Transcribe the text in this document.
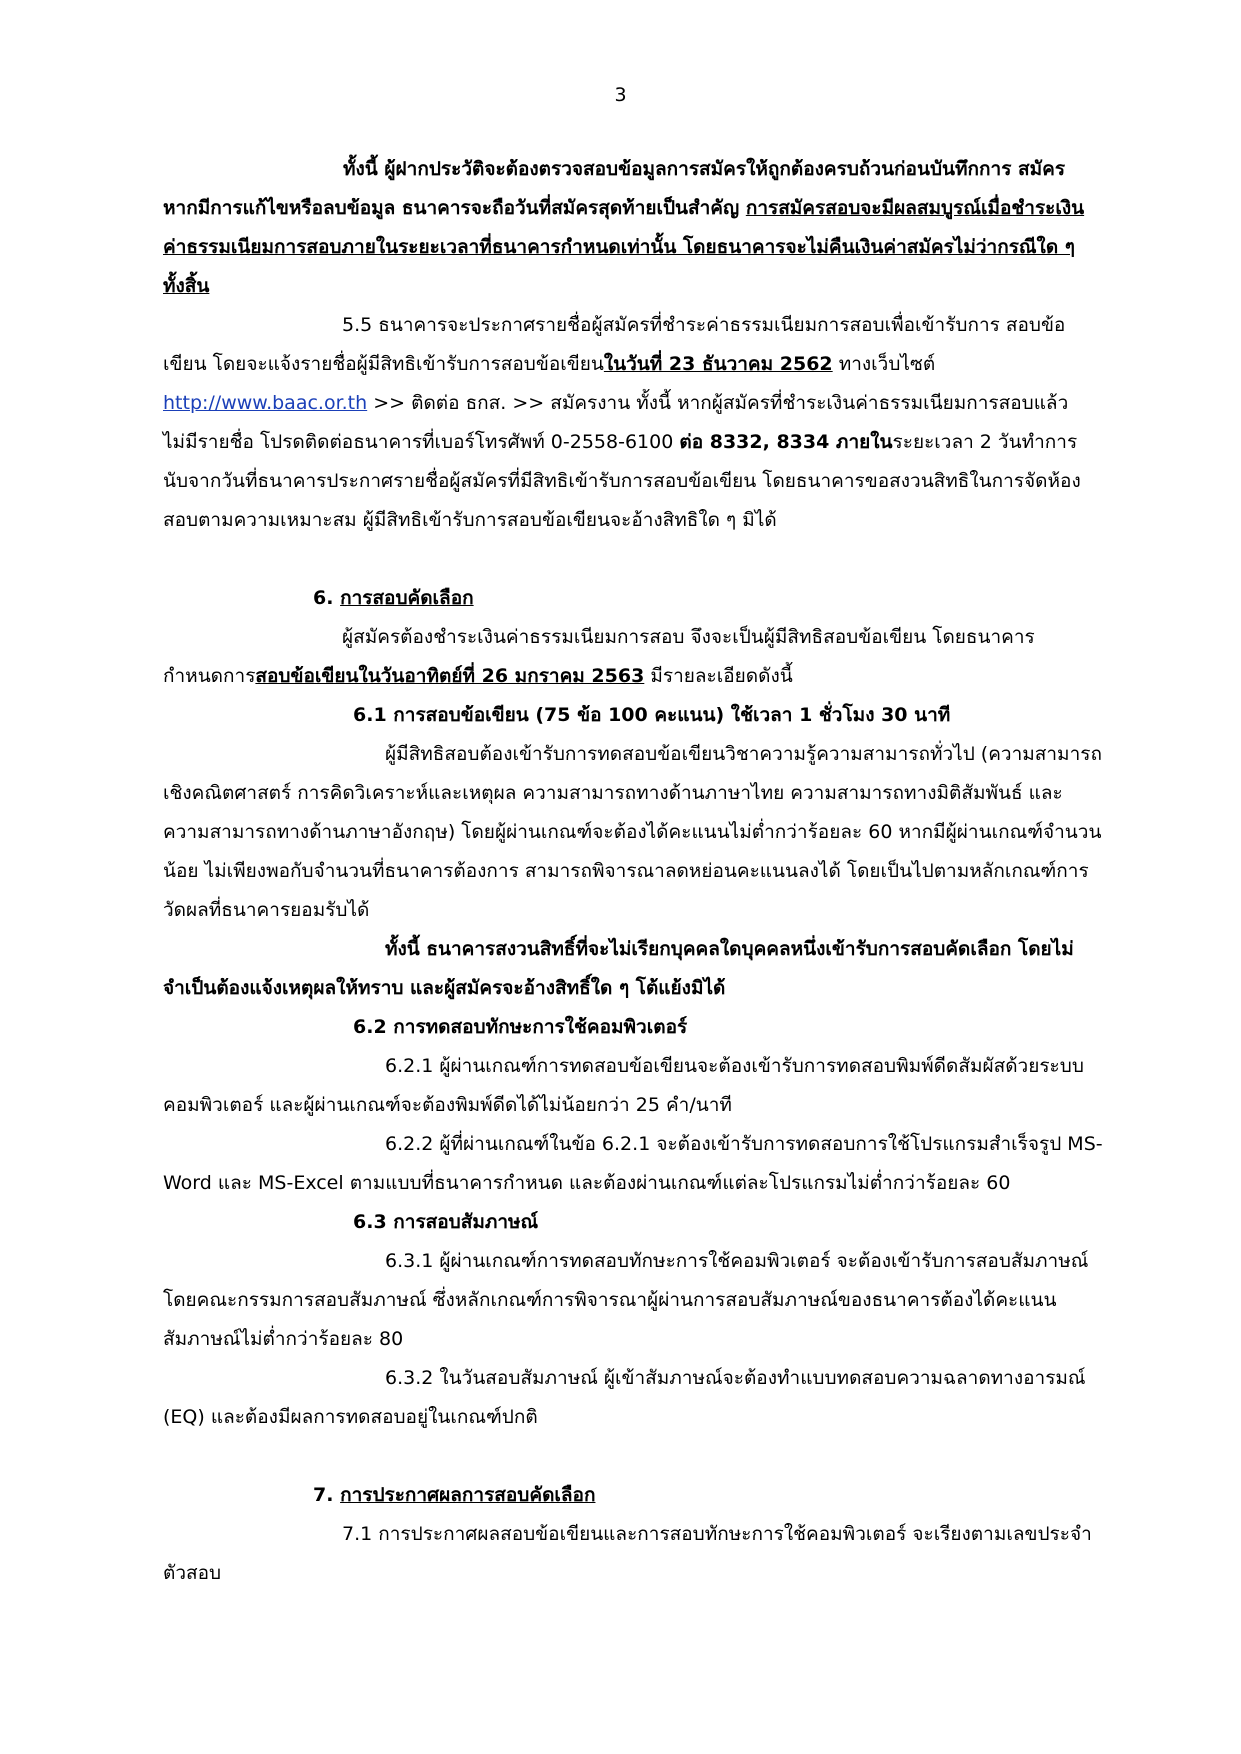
3

ทั้งนี้ ผู้ฝากประวัติจะต้องตรวจสอบข้อมูลการสมัครให้ถูกต้องครบถ้วนก่อนบันทึกการ สมัคร หากมีการแก้ไขหรือลบข้อมูล ธนาคารจะถือวันที่สมัครสุดท้ายเป็นสำคัญ การสมัครสอบจะมีผลสมบูรณ์เมื่อชำระเงินค่าธรรมเนียมการสอบภายในระยะเวลาที่ธนาคารกำหนดเท่านั้น โดยธนาคารจะไม่คืนเงินค่าสมัครไม่ว่ากรณีใด ๆ ทั้งสิ้น

5.5 ธนาคารจะประกาศรายชื่อผู้สมัครที่ชำระค่าธรรมเนียมการสอบเพื่อเข้ารับการ สอบข้อเขียน โดยจะแจ้งรายชื่อผู้มีสิทธิเข้ารับการสอบข้อเขียนในวันที่ 23 ธันวาคม 2562 ทางเว็บไซต์ http://www.baac.or.th >> ติดต่อ ธกส. >> สมัครงาน ทั้งนี้ หากผู้สมัครที่ชำระเงินค่าธรรมเนียมการสอบแล้ว ไม่มีรายชื่อ โปรดติดต่อธนาคารที่เบอร์โทรศัพท์ 0-2558-6100 ต่อ 8332, 8334 ภายในระยะเวลา 2 วันทำการ นับจากวันที่ธนาคารประกาศรายชื่อผู้สมัครที่มีสิทธิเข้ารับการสอบข้อเขียน โดยธนาคารขอสงวนสิทธิในการจัดห้องสอบตามความเหมาะสม ผู้มีสิทธิเข้ารับการสอบข้อเขียนจะอ้างสิทธิใด ๆ มิได้

6. การสอบคัดเลือก

ผู้สมัครต้องชำระเงินค่าธรรมเนียมการสอบ จึงจะเป็นผู้มีสิทธิสอบข้อเขียน โดยธนาคารกำหนดการสอบข้อเขียนในวันอาทิตย์ที่ 26 มกราคม 2563 มีรายละเอียดดังนี้

6.1 การสอบข้อเขียน (75 ข้อ 100 คะแนน) ใช้เวลา 1 ชั่วโมง 30 นาที

ผู้มีสิทธิสอบต้องเข้ารับการทดสอบข้อเขียนวิชาความรู้ความสามารถทั่วไป (ความสามารถเชิงคณิตศาสตร์ การคิดวิเคราะห์และเหตุผล ความสามารถทางด้านภาษาไทย ความสามารถทางมิติสัมพันธ์ และความสามารถทางด้านภาษาอังกฤษ) โดยผู้ผ่านเกณฑ์จะต้องได้คะแนนไม่ต่ำกว่าร้อยละ 60 หากมีผู้ผ่านเกณฑ์จำนวนน้อย ไม่เพียงพอกับจำนวนที่ธนาคารต้องการ สามารถพิจารณาลดหย่อนคะแนนลงได้ โดยเป็นไปตามหลักเกณฑ์การวัดผลที่ธนาคารยอมรับได้

ทั้งนี้ ธนาคารสงวนสิทธิ์ที่จะไม่เรียกบุคคลใดบุคคลหนึ่งเข้ารับการสอบคัดเลือก โดยไม่จำเป็นต้องแจ้งเหตุผลให้ทราบ และผู้สมัครจะอ้างสิทธิ์ใด ๆ โต้แย้งมิได้

6.2 การทดสอบทักษะการใช้คอมพิวเตอร์

6.2.1 ผู้ผ่านเกณฑ์การทดสอบข้อเขียนจะต้องเข้ารับการทดสอบพิมพ์ดีดสัมผัสด้วยระบบคอมพิวเตอร์ และผู้ผ่านเกณฑ์จะต้องพิมพ์ดีดได้ไม่น้อยกว่า 25 คำ/นาที

6.2.2 ผู้ที่ผ่านเกณฑ์ในข้อ 6.2.1 จะต้องเข้ารับการทดสอบการใช้โปรแกรมสำเร็จรูป MS-Word และ MS-Excel ตามแบบที่ธนาคารกำหนด และต้องผ่านเกณฑ์แต่ละโปรแกรมไม่ต่ำกว่าร้อยละ 60

6.3 การสอบสัมภาษณ์

6.3.1 ผู้ผ่านเกณฑ์การทดสอบทักษะการใช้คอมพิวเตอร์ จะต้องเข้ารับการสอบสัมภาษณ์ โดยคณะกรรมการสอบสัมภาษณ์ ซึ่งหลักเกณฑ์การพิจารณาผู้ผ่านการสอบสัมภาษณ์ของธนาคารต้องได้คะแนนสัมภาษณ์ไม่ต่ำกว่าร้อยละ 80

6.3.2 ในวันสอบสัมภาษณ์ ผู้เข้าสัมภาษณ์จะต้องทำแบบทดสอบความฉลาดทางอารมณ์ (EQ) และต้องมีผลการทดสอบอยู่ในเกณฑ์ปกติ

7. การประกาศผลการสอบคัดเลือก

7.1 การประกาศผลสอบข้อเขียนและการสอบทักษะการใช้คอมพิวเตอร์ จะเรียงตามเลขประจำตัวสอบ
